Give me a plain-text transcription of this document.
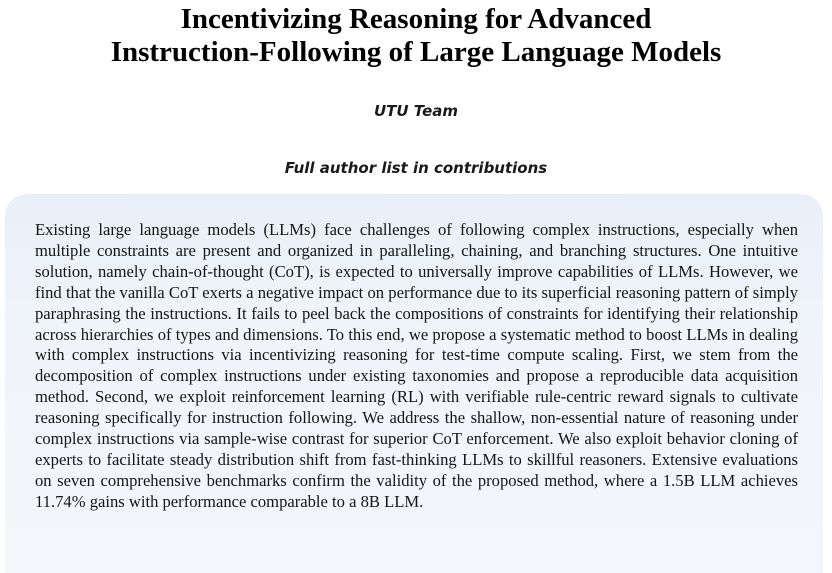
Incentivizing Reasoning for Advanced
Instruction-Following of Large Language Models
UTU Team
Full author list in contributions

Existing large language models (LLMs) face challenges of following complex instructions, especially when multiple constraints are present and organized in paralleling, chaining, and branching structures. One intuitive solution, namely chain-of-thought (CoT), is expected to universally improve capabilities of LLMs. However, we find that the vanilla CoT exerts a negative impact on performance due to its superficial reasoning pattern of simply paraphrasing the instructions. It fails to peel back the compositions of constraints for identifying their relationship across hierarchies of types and dimensions. To this end, we propose a systematic method to boost LLMs in dealing with complex instructions via incentivizing reasoning for test-time compute scaling. First, we stem from the decomposition of complex instructions under existing taxonomies and propose a reproducible data acquisition method. Second, we exploit reinforcement learning (RL) with verifiable rule-centric reward signals to cultivate reasoning specifically for instruction following. We address the shallow, non-essential nature of reasoning under complex instructions via sample-wise contrast for superior CoT enforcement. We also exploit behavior cloning of experts to facilitate steady distribution shift from fast-thinking LLMs to skillful reasoners. Extensive evaluations on seven comprehensive benchmarks confirm the validity of the proposed method, where a 1.5B LLM achieves 11.74% gains with performance comparable to a 8B LLM.
